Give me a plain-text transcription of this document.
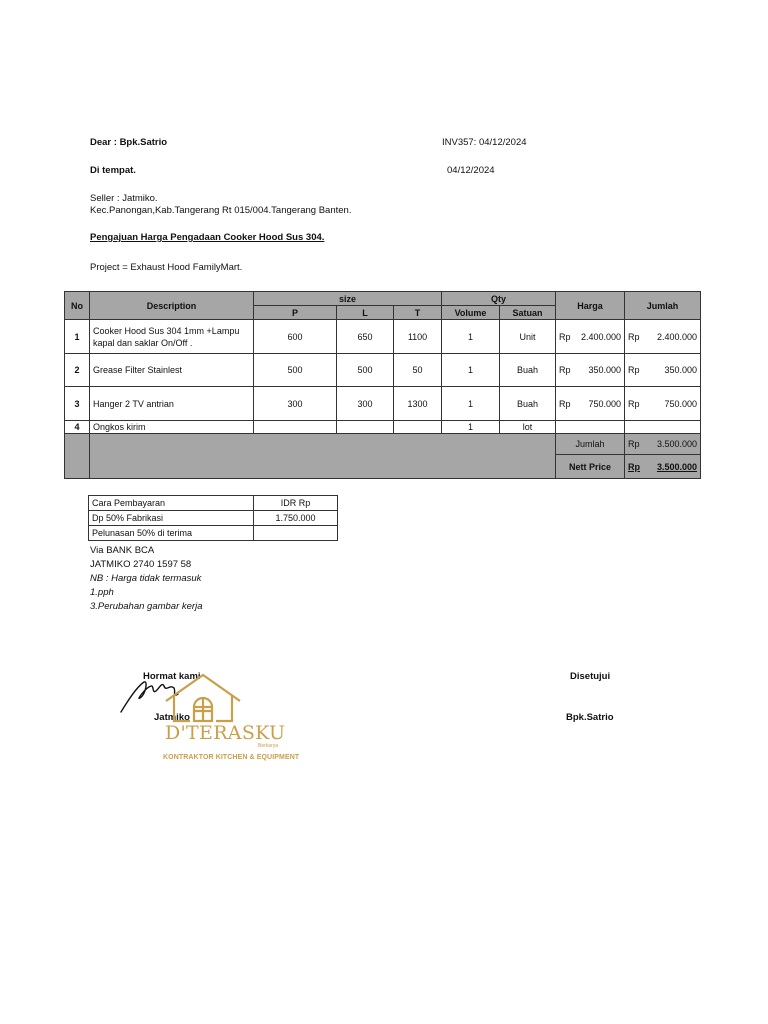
Dear : Bpk.Satrio	INV357: 04/12/2024
Di tempat.	04/12/2024
Seller : Jatmiko.
Kec.Panongan,Kab.Tangerang Rt 015/004.Tangerang Banten.
Pengajuan Harga Pengadaan Cooker Hood Sus 304.
Project = Exhaust Hood FamilyMart.
No	Description	size			Qty		Harga	Jumlah
		P	L	T	Volume	Satuan		
1	Cooker Hood Sus 304 1mm +Lampu kapal dan saklar On/Off .	600	650	1100	1	Unit	Rp 2.400.000	Rp 2.400.000

2	Grease Filter Stainlest	500	500	50	1	Buah	Rp 350.000	Rp 350.000

3	Hanger 2 TV antrian	300	300	1300	1	Buah	Rp 750.000	Rp 750.000

4	Ongkos kirim				1	lot	

							Jumlah	Rp 3.500.000

							Nett Price	Rp 3.500.000
Cara Pembayaran	IDR Rp
Dp 50% Fabrikasi	1.750.000
Pelunasan 50% di terima	
Via BANK BCA
JATMIKO 2740 1597 58
NB : Harga tidak termasuk
1.pph
3.Perubahan gambar kerja
Hormat kami
Jatmiko
Disetujui
Bpk.Satrio
D'TERASKU
Berkarya
KONTRAKTOR KITCHEN & EQUIPMENT
